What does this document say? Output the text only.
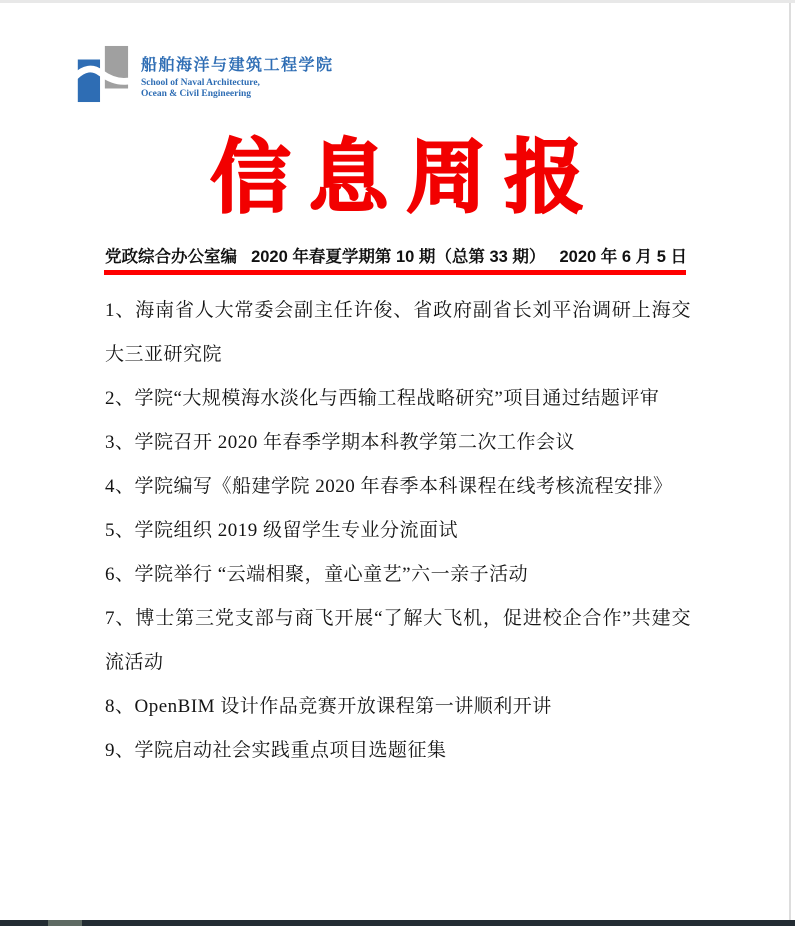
船舶海洋与建筑工程学院
School of Naval Architecture,
Ocean & Civil Engineering
信息周报
党政综合办公室编 2020 年春夏学期第 10 期（总第 33 期） 2020 年 6 月 5 日

1、海南省人大常委会副主任许俊、省政府副省长刘平治调研上海交大三亚研究院

2、学院“大规模海水淡化与西输工程战略研究”项目通过结题评审

3、学院召开 2020 年春季学期本科教学第二次工作会议

4、学院编写《船建学院 2020 年春季本科课程在线考核流程安排》

5、学院组织 2019 级留学生专业分流面试

6、学院举行 “云端相聚，童心童艺”六一亲子活动

7、博士第三党支部与商飞开展“了解大飞机，促进校企合作”共建交流活动

8、OpenBIM 设计作品竞赛开放课程第一讲顺利开讲

9、学院启动社会实践重点项目选题征集
